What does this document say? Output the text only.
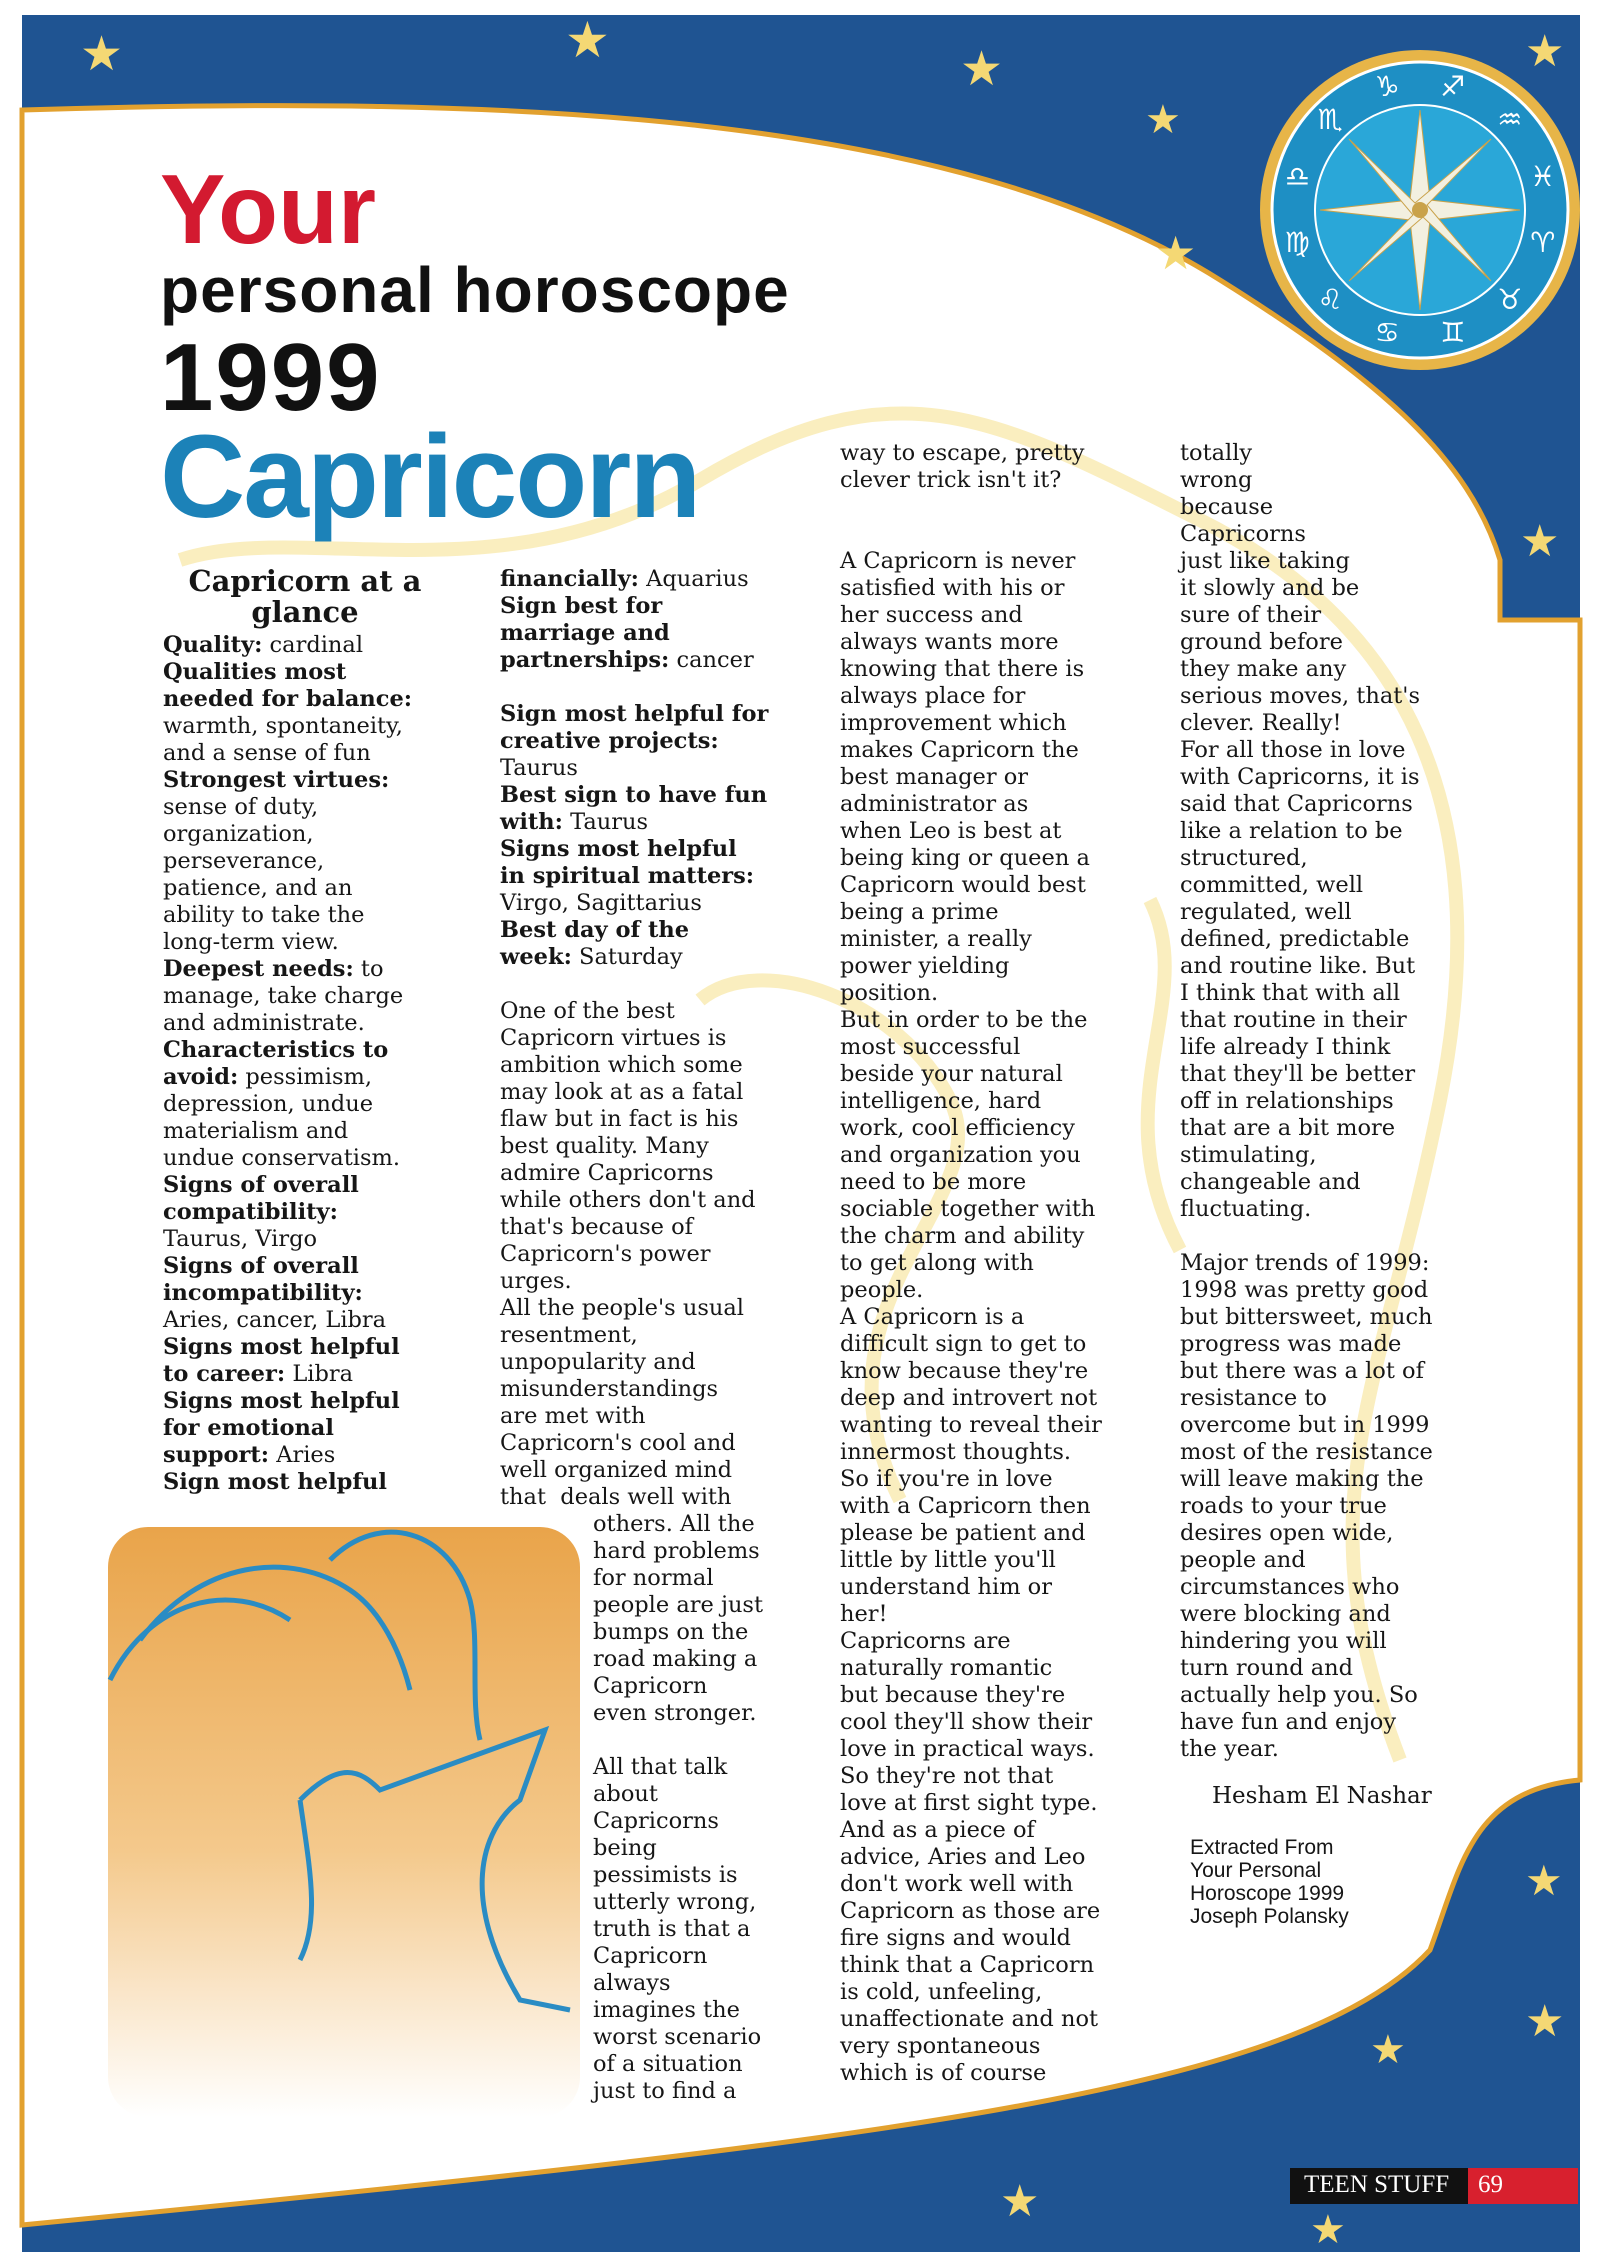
★	★	★
★
★
★
★
★
★
★
★
★
♑ ♐
♒
♓
♈
♉
♊
♋
♌
♍
♎
♏
Your
personal horoscope
1999
Capricorn
Capricorn at a glance
Quality: cardinal
Qualities most
needed for balance:
warmth, spontaneity,
and a sense of fun
Strongest virtues:
sense of duty,
organization,
perseverance,
patience, and an
ability to take the
long-term view.
Deepest needs: to
manage, take charge
and administrate.
Characteristics to
avoid: pessimism,
depression, undue
materialism and
undue conservatism.
Signs of overall
compatibility:
Taurus, Virgo
Signs of overall
incompatibility:
Aries, cancer, Libra
Signs most helpful
to career: Libra
Signs most helpful
for emotional
support: Aries
Sign most helpful
financially: Aquarius
Sign best for
marriage and
partnerships: cancer
Sign most helpful for
creative projects:
Taurus
Best sign to have fun
with: Taurus
Signs most helpful
in spiritual matters:
Virgo, Sagittarius
Best day of the
week: Saturday
One of the best
Capricorn virtues is
ambition which some
may look at as a fatal
flaw but in fact is his
best quality. Many
admire Capricorns
while others don't and
that's because of
Capricorn's power
urges.
All the people's usual
resentment,
unpopularity and
misunderstandings
are met with
Capricorn's cool and
well organized mind
that  deals well with
others. All the
hard problems
for normal
people are just
bumps on the
road making a
Capricorn
even stronger.
All that talk
about
Capricorns
being
pessimists is
utterly wrong,
truth is that a
Capricorn
always
imagines the
worst scenario
of a situation
just to find a
way to escape, pretty
clever trick isn't it?
A Capricorn is never
satisfied with his or
her success and
always wants more
knowing that there is
always place for
improvement which
makes Capricorn the
best manager or
administrator as
when Leo is best at
being king or queen a
Capricorn would best
being a prime
minister, a really
power yielding
position.
But in order to be the
most successful
beside your natural
intelligence, hard
work, cool efficiency
and organization you
need to be more
sociable together with
the charm and ability
to get along with
people.
A Capricorn is a
difficult sign to get to
know because they're
deep and introvert not
wanting to reveal their
innermost thoughts.
So if you're in love
with a Capricorn then
please be patient and
little by little you'll
understand him or
her!
Capricorns are
naturally romantic
but because they're
cool they'll show their
love in practical ways.
So they're not that
love at first sight type.
And as a piece of
advice, Aries and Leo
don't work well with
Capricorn as those are
fire signs and would
think that a Capricorn
is cold, unfeeling,
unaffectionate and not
very spontaneous
which is of course
totally
wrong
because
Capricorns
just like taking
it slowly and be
sure of their
ground before
they make any
serious moves, that's
clever. Really!
For all those in love
with Capricorns, it is
said that Capricorns
like a relation to be
structured,
committed, well
regulated, well
defined, predictable
and routine like. But
I think that with all
that routine in their
life already I think
that they'll be better
off in relationships
that are a bit more
stimulating,
changeable and
fluctuating.
Major trends of 1999:
1998 was pretty good
but bittersweet, much
progress was made
but there was a lot of
resistance to
overcome but in 1999
most of the resistance
will leave making the
roads to your true
desires open wide,
people and
circumstances who
were blocking and
hindering you will
turn round and
actually help you. So
have fun and enjoy
the year.
Hesham El Nashar
Extracted From
Your Personal
Horoscope 1999
Joseph Polansky
TEEN STUFF	69
